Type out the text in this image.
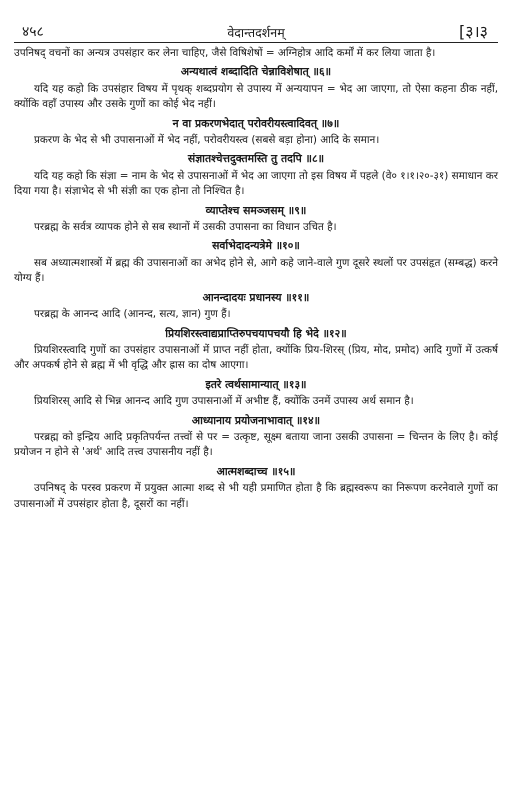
४५८	वेदान्तदर्शनम्	[३।३

उपनिषद् वचनों का अन्यत्र उपसंहार कर लेना चाहिए, जैसे विषिशेषों = अग्निहोत्र आदि कर्मों में कर लिया जाता है।

अन्यथात्वं शब्दादिति चेन्नाविशेषात् ॥६॥

यदि यह कहो कि उपसंहार विषय में पृथक् शब्दप्रयोग से उपास्य में अन्ययापन = भेद आ जाएगा, तो ऐसा कहना ठीक नहीं, क्योंकि वहाँ उपास्य और उसके गुणों का कोई भेद नहीं।

न वा प्रकरणभेदात् परोवरीयस्त्वादिवत् ॥७॥

प्रकरण के भेद से भी उपासनाओं में भेद नहीं, परोवरीयस्त्व (सबसे बड़ा होना) आदि के समान।

संज्ञातश्चेत्तदुक्तमस्ति तु तदपि ॥८॥

यदि यह कहो कि संज्ञा = नाम के भेद से उपासनाओं में भेद आ जाएगा तो इस विषय में पहले (वे० १।१।२०-३१) समाधान कर दिया गया है। संज्ञाभेद से भी संज्ञी का एक होना तो निश्चित है।

व्याप्तेश्च समञ्जसम् ॥९॥

परब्रह्म के सर्वत्र व्यापक होने से सब स्थानों में उसकी उपासना का विधान उचित है।

सर्वाभेदादन्यत्रेमे ॥१०॥

सब अध्यात्मशास्त्रों में ब्रह्म की उपासनाओं का अभेद होने से, आगे कहे जाने-वाले गुण दूसरे स्थलों पर उपसंहृत (सम्बद्ध) करने योग्य हैं।

आनन्दादयः प्रधानस्य ॥११॥

परब्रह्म के आनन्द आदि (आनन्द, सत्य, ज्ञान) गुण हैं।

प्रियशिरस्त्वाद्यप्राप्तिरुपचयापचयौ हि भेदे ॥१२॥

प्रियशिरस्त्वादि गुणों का उपसंहार उपासनाओं में प्राप्त नहीं होता, क्योंकि प्रिय-शिरस् (प्रिय, मोद, प्रमोद) आदि गुणों में उत्कर्ष और अपकर्ष होने से ब्रह्म में भी वृद्धि और ह्रास का दोष आएगा।

इतरे त्वर्थसामान्यात् ॥१३॥

प्रियशिरस् आदि से भिन्न आनन्द आदि गुण उपासनाओं में अभीष्ट हैं, क्योंकि उनमें उपास्य अर्थ समान है।

आध्यानाय प्रयोजनाभावात् ॥१४॥

परब्रह्म को इन्द्रिय आदि प्रकृतिपर्यन्त तत्त्वों से पर = उत्कृष्ट, सूक्ष्म बताया जाना उसकी उपासना = चिन्तन के लिए है। कोई प्रयोजन न होने से 'अर्थ' आदि तत्त्व उपासनीय नहीं है।

आत्मशब्दाच्च ॥१५॥

उपनिषद् के परस्व प्रकरण में प्रयुक्त आत्मा शब्द से भी यही प्रमाणित होता है कि ब्रह्मस्वरूप का निरूपण करनेवाले गुणों का उपासनाओं में उपसंहार होता है, दूसरों का नहीं।
